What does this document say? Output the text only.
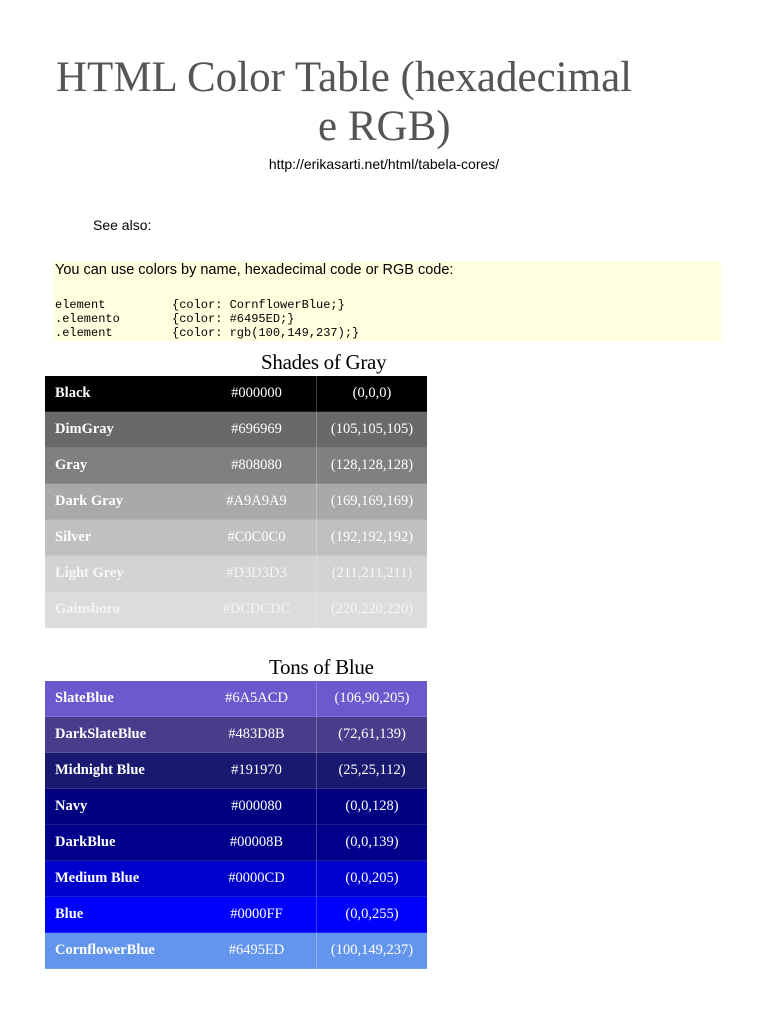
HTML Color Table (hexadecimal
e RGB)
http://erikasarti.net/html/tabela-cores/
See also:
You can use colors by name, hexadecimal code or RGB code:
element	{color: CornflowerBlue;}
.elemento	{color: #6495ED;}
.element	{color: rgb(100,149,237);}
Shades of Gray
Black	#000000	(0,0,0)
DimGray	#696969	(105,105,105)
Gray	#808080	(128,128,128)
Dark Gray	#A9A9A9	(169,169,169)
Silver	#C0C0C0	(192,192,192)
Light Grey	#D3D3D3	(211,211,211)
Gainsboro	#DCDCDC	(220,220,220)
Tons of Blue
SlateBlue	#6A5ACD	(106,90,205)
DarkSlateBlue	#483D8B	(72,61,139)
Midnight Blue	#191970	(25,25,112)
Navy	#000080	(0,0,128)
DarkBlue	#00008B	(0,0,139)
Medium Blue	#0000CD	(0,0,205)
Blue	#0000FF	(0,0,255)
CornflowerBlue	#6495ED	(100,149,237)
